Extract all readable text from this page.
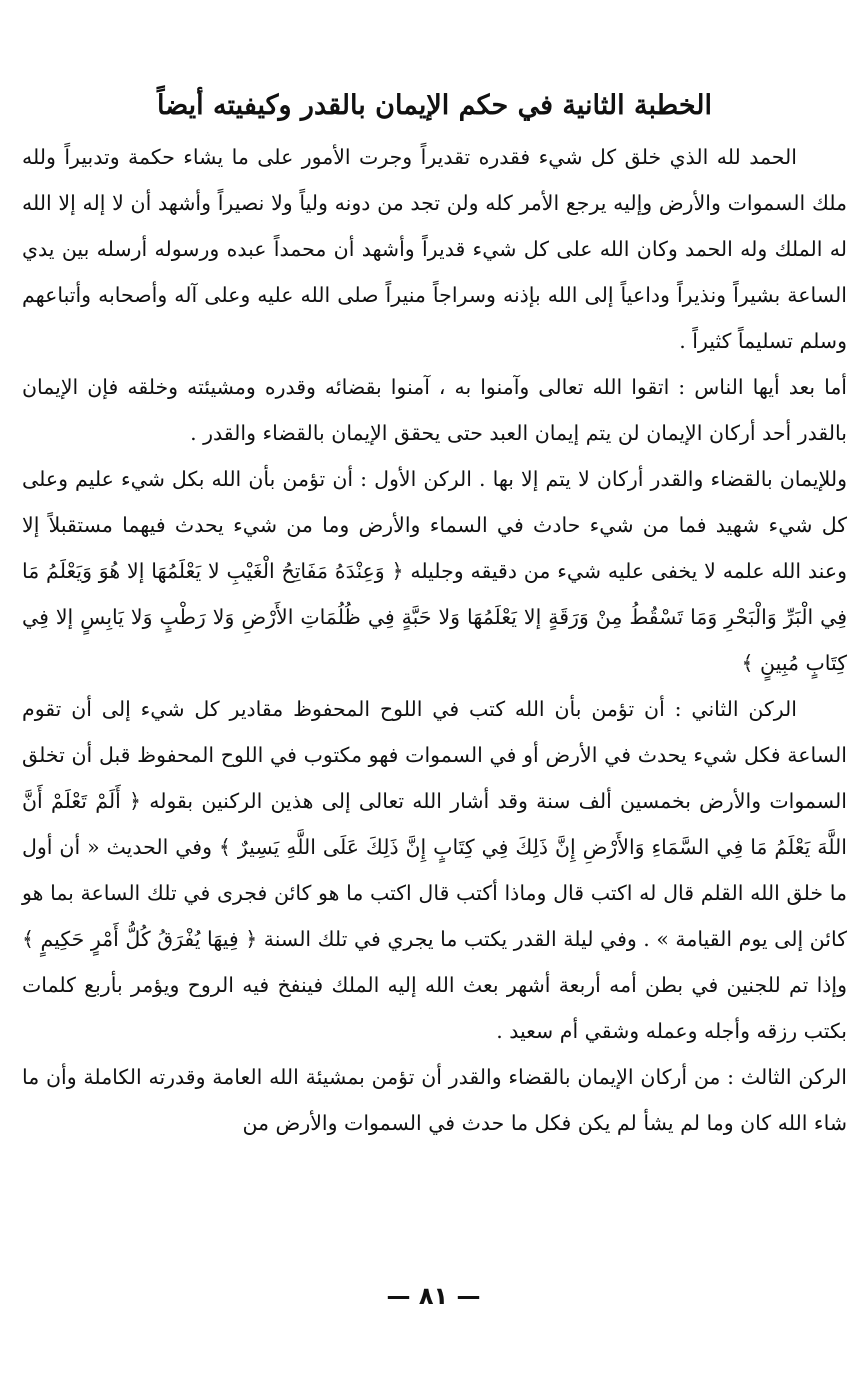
الخطبة الثانية في حكم الإيمان بالقدر وكيفيته أيضاً

الحمد لله الذي خلق كل شيء فقدره تقديراً وجرت الأمور على ما يشاء حكمة وتدبيراً ولله ملك السموات والأرض وإليه يرجع الأمر كله ولن تجد من دونه ولياً ولا نصيراً وأشهد أن لا إله إلا الله له الملك وله الحمد وكان الله على كل شيء قديراً وأشهد أن محمداً عبده ورسوله أرسله بين يدي الساعة بشيراً ونذيراً وداعياً إلى الله بإذنه وسراجاً منيراً صلى الله عليه وعلى آله وأصحابه وأتباعهم وسلم تسليماً كثيراً .

أما بعد أيها الناس : اتقوا الله تعالى وآمنوا به ، آمنوا بقضائه وقدره ومشيئته وخلقه فإن الإيمان بالقدر أحد أركان الإيمان لن يتم إيمان العبد حتى يحقق الإيمان بالقضاء والقدر .

وللإيمان بالقضاء والقدر أركان لا يتم إلا بها . الركن الأول : أن تؤمن بأن الله بكل شيء عليم وعلى كل شيء شهيد فما من شيء حادث في السماء والأرض وما من شيء يحدث فيهما مستقبلاً إلا وعند الله علمه لا يخفى عليه شيء من دقيقه وجليله ﴿ وَعِنْدَهُ مَفَاتِحُ الْغَيْبِ لا يَعْلَمُهَا إلا هُوَ وَيَعْلَمُ مَا فِي الْبَرِّ وَالْبَحْرِ وَمَا تَسْقُطُ مِنْ وَرَقَةٍ إلا يَعْلَمُهَا وَلا حَبَّةٍ فِي ظُلُمَاتِ الأَرْضِ وَلا رَطْبٍ وَلا يَابِسٍ إلا فِي كِتَابٍ مُبِينٍ ﴾

الركن الثاني : أن تؤمن بأن الله كتب في اللوح المحفوظ مقادير كل شيء إلى أن تقوم الساعة فكل شيء يحدث في الأرض أو في السموات فهو مكتوب في اللوح المحفوظ قبل أن تخلق السموات والأرض بخمسين ألف سنة وقد أشار الله تعالى إلى هذين الركنين بقوله ﴿ أَلَمْ تَعْلَمْ أَنَّ اللَّهَ يَعْلَمُ مَا فِي السَّمَاءِ وَالأَرْضِ إِنَّ ذَلِكَ فِي كِتَابٍ إِنَّ ذَلِكَ عَلَى اللَّهِ يَسِيرٌ ﴾ وفي الحديث « أن أول ما خلق الله القلم قال له اكتب قال وماذا أكتب قال اكتب ما هو كائن فجرى في تلك الساعة بما هو كائن إلى يوم القيامة » . وفي ليلة القدر يكتب ما يجري في تلك السنة ﴿ فِيهَا يُفْرَقُ كُلُّ أَمْرٍ حَكِيمٍ ﴾ وإذا تم للجنين في بطن أمه أربعة أشهر بعث الله إليه الملك فينفخ فيه الروح ويؤمر بأربع كلمات بكتب رزقه وأجله وعمله وشقي أم سعيد .

الركن الثالث : من أركان الإيمان بالقضاء والقدر أن تؤمن بمشيئة الله العامة وقدرته الكاملة وأن ما شاء الله كان وما لم يشأ لم يكن فكل ما حدث في السموات والأرض من

— ٨١ —
